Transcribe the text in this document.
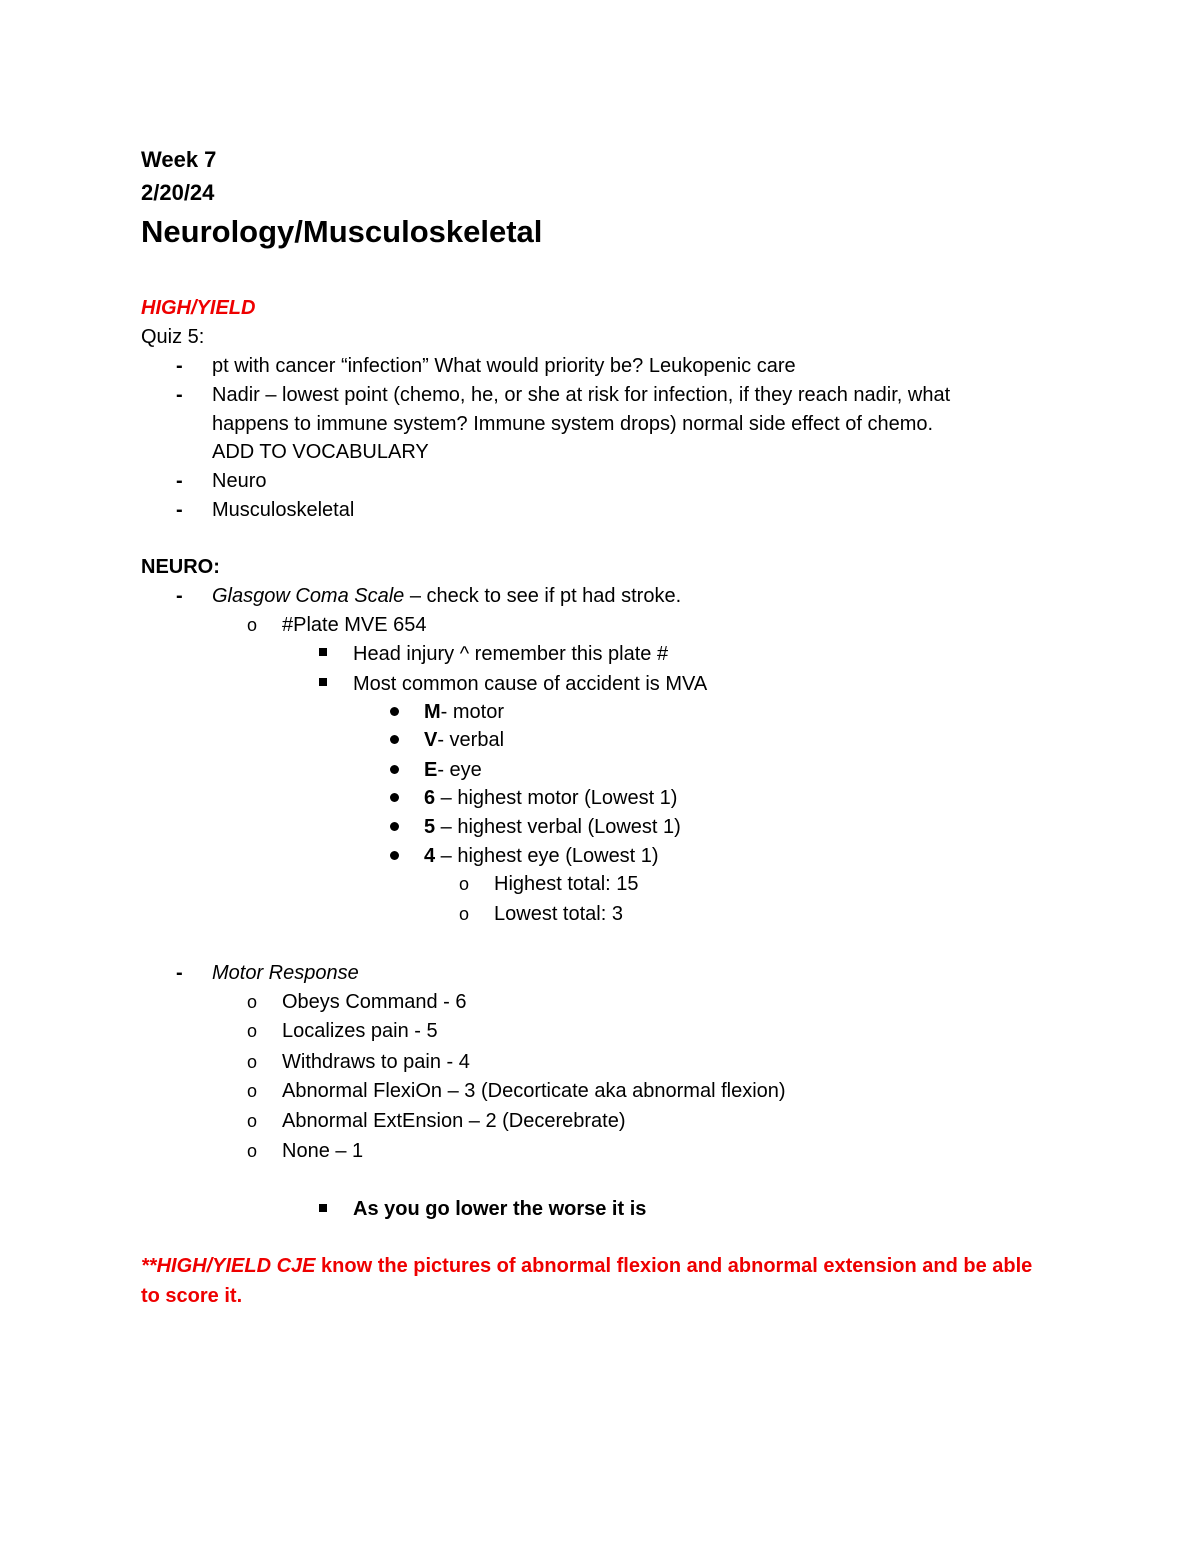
Week 7
2/20/24
Neurology/Musculoskeletal
HIGH/YIELD
Quiz 5:
- pt with cancer “infection” What would priority be? Leukopenic care
- Nadir – lowest point (chemo, he, or she at risk for infection, if they reach nadir, what
happens to immune system? Immune system drops) normal side effect of chemo.
ADD TO VOCABULARY
- Neuro
- Musculoskeletal
NEURO:
- Glasgow Coma Scale – check to see if pt had stroke.
o #Plate MVE 654
Head injury ^ remember this plate #
Most common cause of accident is MVA
M- motor
V- verbal
E- eye
6 – highest motor (Lowest 1)
5 – highest verbal (Lowest 1)
4 – highest eye (Lowest 1)
o Highest total: 15
o Lowest total: 3
- Motor Response
o Obeys Command - 6
o Localizes pain - 5
o Withdraws to pain - 4
o Abnormal FlexiOn – 3 (Decorticate aka abnormal flexion)
o Abnormal ExtEnsion – 2 (Decerebrate)
o None – 1
As you go lower the worse it is
**HIGH/YIELD CJE know the pictures of abnormal flexion and abnormal extension and be able
to score it.
